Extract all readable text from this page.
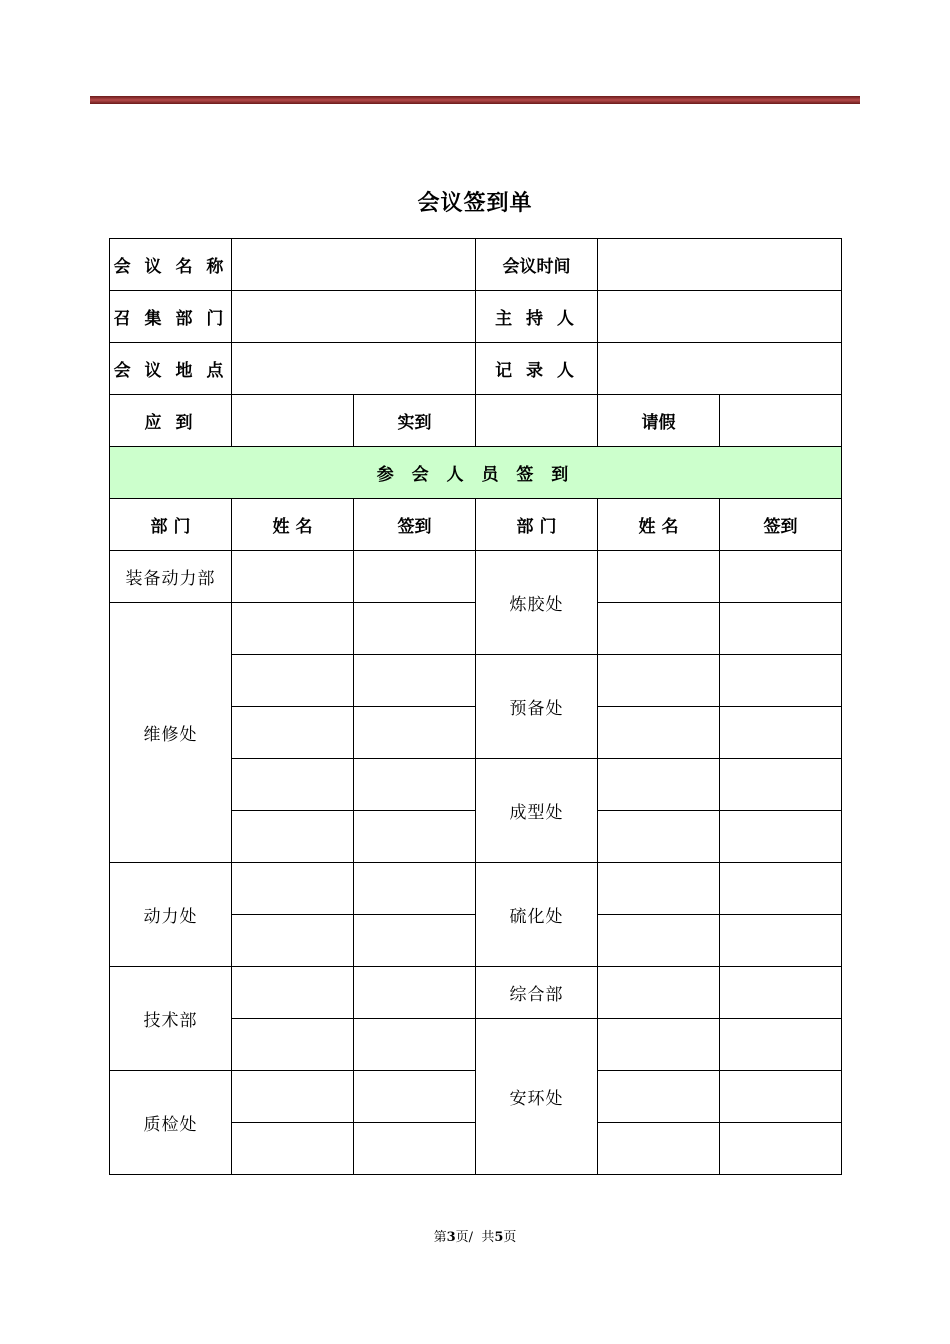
会议签到单
会 议 名 称			会议时间		
召 集 部 门			主 持 人		
会 议 地 点			记 录 人		
应 到		实到		请假	
参 会 人 员 签 到					
部 门	姓 名	签到	部 门	姓 名	签到
装备动力部			炼胶处		
维修处					
			预备处		

			成型处		

动力处			硫化处		

技术部			综合部		
			安环处		
质检处					

第3页/  共5页
